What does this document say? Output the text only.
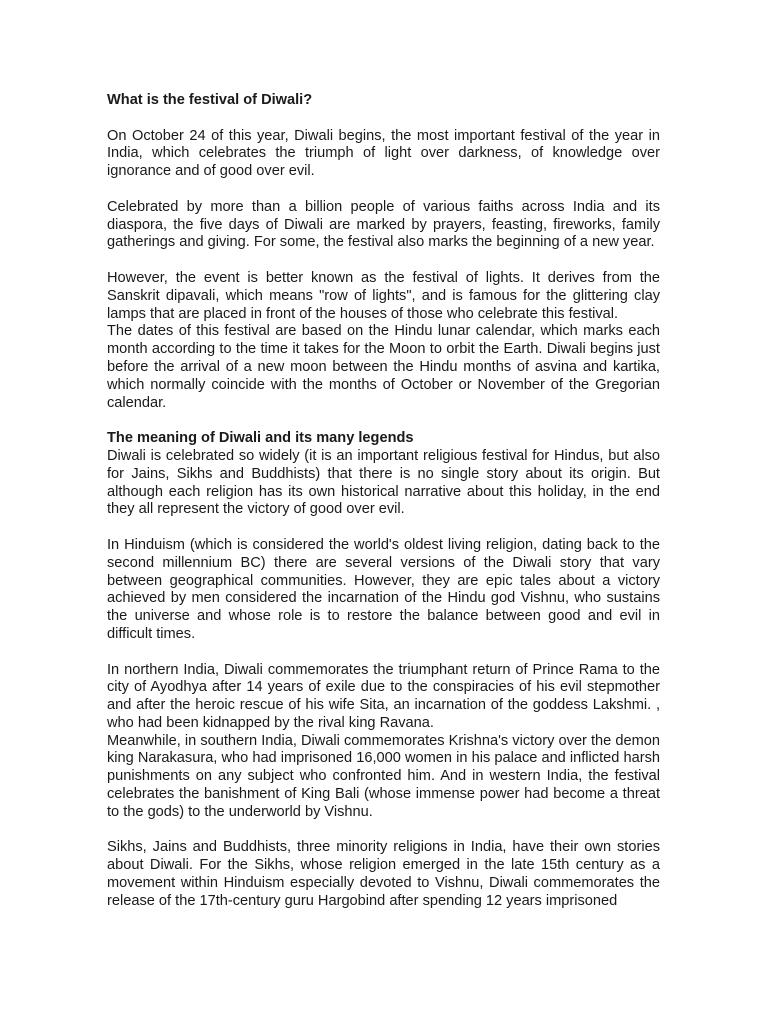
What is the festival of Diwali?

On October 24 of this year, Diwali begins, the most important festival of the year in India, which celebrates the triumph of light over darkness, of knowledge over ignorance and of good over evil.

Celebrated by more than a billion people of various faiths across India and its diaspora, the five days of Diwali are marked by prayers, feasting, fireworks, family gatherings and giving. For some, the festival also marks the beginning of a new year.

However, the event is better known as the festival of lights. It derives from the Sanskrit dipavali, which means "row of lights", and is famous for the glittering clay lamps that are placed in front of the houses of those who celebrate this festival.

The dates of this festival are based on the Hindu lunar calendar, which marks each month according to the time it takes for the Moon to orbit the Earth. Diwali begins just before the arrival of a new moon between the Hindu months of asvina and kartika, which normally coincide with the months of October or November of the Gregorian calendar.

The meaning of Diwali and its many legends

Diwali is celebrated so widely (it is an important religious festival for Hindus, but also for Jains, Sikhs and Buddhists) that there is no single story about its origin. But although each religion has its own historical narrative about this holiday, in the end they all represent the victory of good over evil.

In Hinduism (which is considered the world's oldest living religion, dating back to the second millennium BC) there are several versions of the Diwali story that vary between geographical communities. However, they are epic tales about a victory achieved by men considered the incarnation of the Hindu god Vishnu, who sustains the universe and whose role is to restore the balance between good and evil in difficult times.

In northern India, Diwali commemorates the triumphant return of Prince Rama to the city of Ayodhya after 14 years of exile due to the conspiracies of his evil stepmother and after the heroic rescue of his wife Sita, an incarnation of the goddess Lakshmi. , who had been kidnapped by the rival king Ravana.

Meanwhile, in southern India, Diwali commemorates Krishna's victory over the demon king Narakasura, who had imprisoned 16,000 women in his palace and inflicted harsh punishments on any subject who confronted him. And in western India, the festival celebrates the banishment of King Bali (whose immense power had become a threat to the gods) to the underworld by Vishnu.

Sikhs, Jains and Buddhists, three minority religions in India, have their own stories about Diwali. For the Sikhs, whose religion emerged in the late 15th century as a movement within Hinduism especially devoted to Vishnu, Diwali commemorates the release of the 17th-century guru Hargobind after spending 12 years imprisoned
